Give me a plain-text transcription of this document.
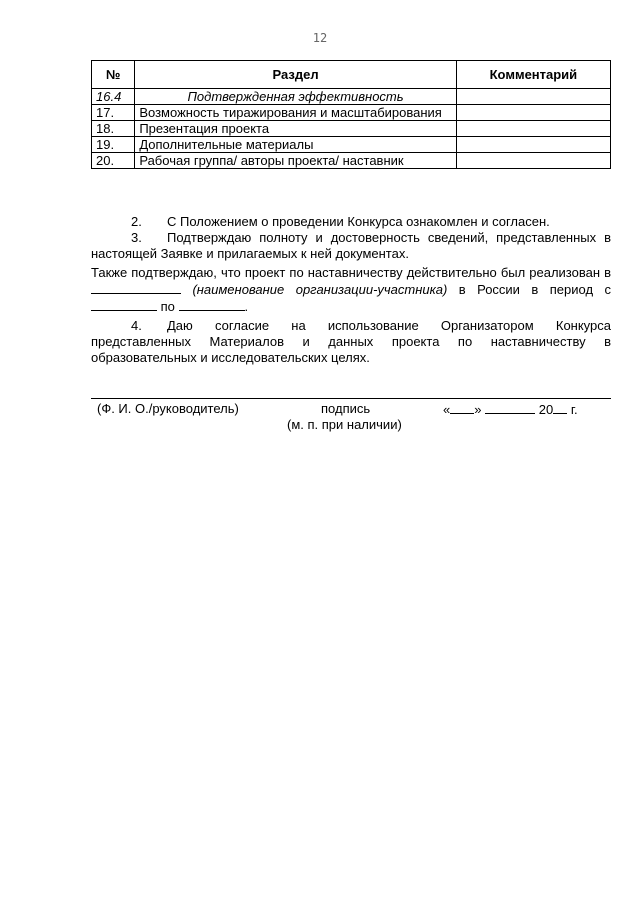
12
№	Раздел	Комментарий
16.4	Подтвержденная эффективность	
17.	Возможность тиражирования и масштабирования	
18.	Презентация проекта	
19.	Дополнительные материалы	
20.	Рабочая группа/ авторы проекта/ наставник	

2. С Положением о проведении Конкурса ознакомлен и согласен.

3. Подтверждаю полноту и достоверность сведений, представленных в настоящей Заявке и прилагаемых к ней документах.

Также подтверждаю, что проект по наставничеству действительно был реализован в  (наименование организации-участника) в России в период с  по	.

4. Даю согласие на использование Организатором Конкурса представленных Материалов и данных проекта по наставничеству в образовательных и исследовательских целях.

(Ф. И. О./руководитель)	подпись	« »	20 г.
(м. п. при наличии)
